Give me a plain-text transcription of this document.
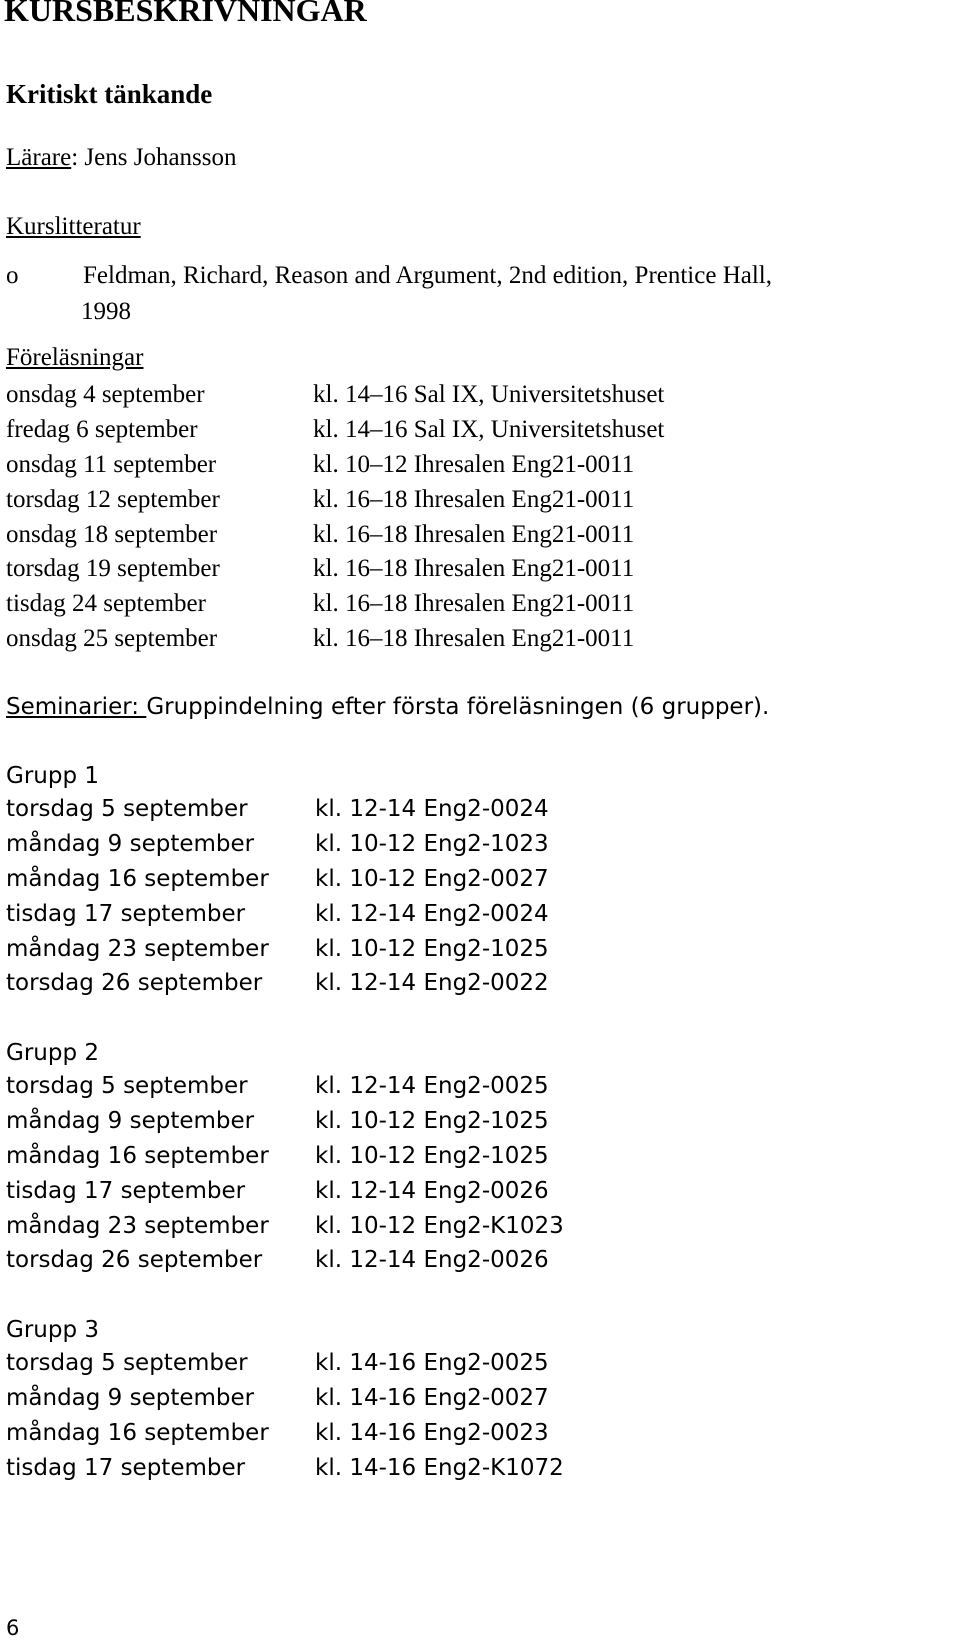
KURSBESKRIVNINGAR
Kritiskt tänkande
Lärare: Jens Johansson
Kurslitteratur
o	Feldman, Richard, Reason and Argument, 2nd edition, Prentice Hall,
1998
Föreläsningar
onsdag 4 september	kl. 14–16 Sal IX, Universitetshuset
fredag 6 september	kl. 14–16 Sal IX, Universitetshuset
onsdag 11 september	kl. 10–12 Ihresalen Eng21-0011
torsdag 12 september	kl. 16–18 Ihresalen Eng21-0011
onsdag 18 september	kl. 16–18 Ihresalen Eng21-0011
torsdag 19 september	kl. 16–18 Ihresalen Eng21-0011
tisdag 24 september	kl. 16–18 Ihresalen Eng21-0011
onsdag 25 september	kl. 16–18 Ihresalen Eng21-0011
Seminarier: Gruppindelning efter första föreläsningen (6 grupper).
Grupp 1
torsdag 5 september	kl. 12-14 Eng2-0024
måndag 9 september	kl. 10-12 Eng2-1023
måndag 16 september kl. 10-12 Eng2-0027
tisdag 17 september	kl. 12-14 Eng2-0024
måndag 23 september kl. 10-12 Eng2-1025
torsdag 26 september kl. 12-14 Eng2-0022
Grupp 2
torsdag 5 september	kl. 12-14 Eng2-0025
måndag 9 september	kl. 10-12 Eng2-1025
måndag 16 september kl. 10-12 Eng2-1025
tisdag 17 september	kl. 12-14 Eng2-0026
måndag 23 september kl. 10-12 Eng2-K1023
torsdag 26 september kl. 12-14 Eng2-0026
Grupp 3
torsdag 5 september	kl. 14-16 Eng2-0025
måndag 9 september	kl. 14-16 Eng2-0027
måndag 16 september kl. 14-16 Eng2-0023
tisdag 17 september	kl. 14-16 Eng2-K1072
6
